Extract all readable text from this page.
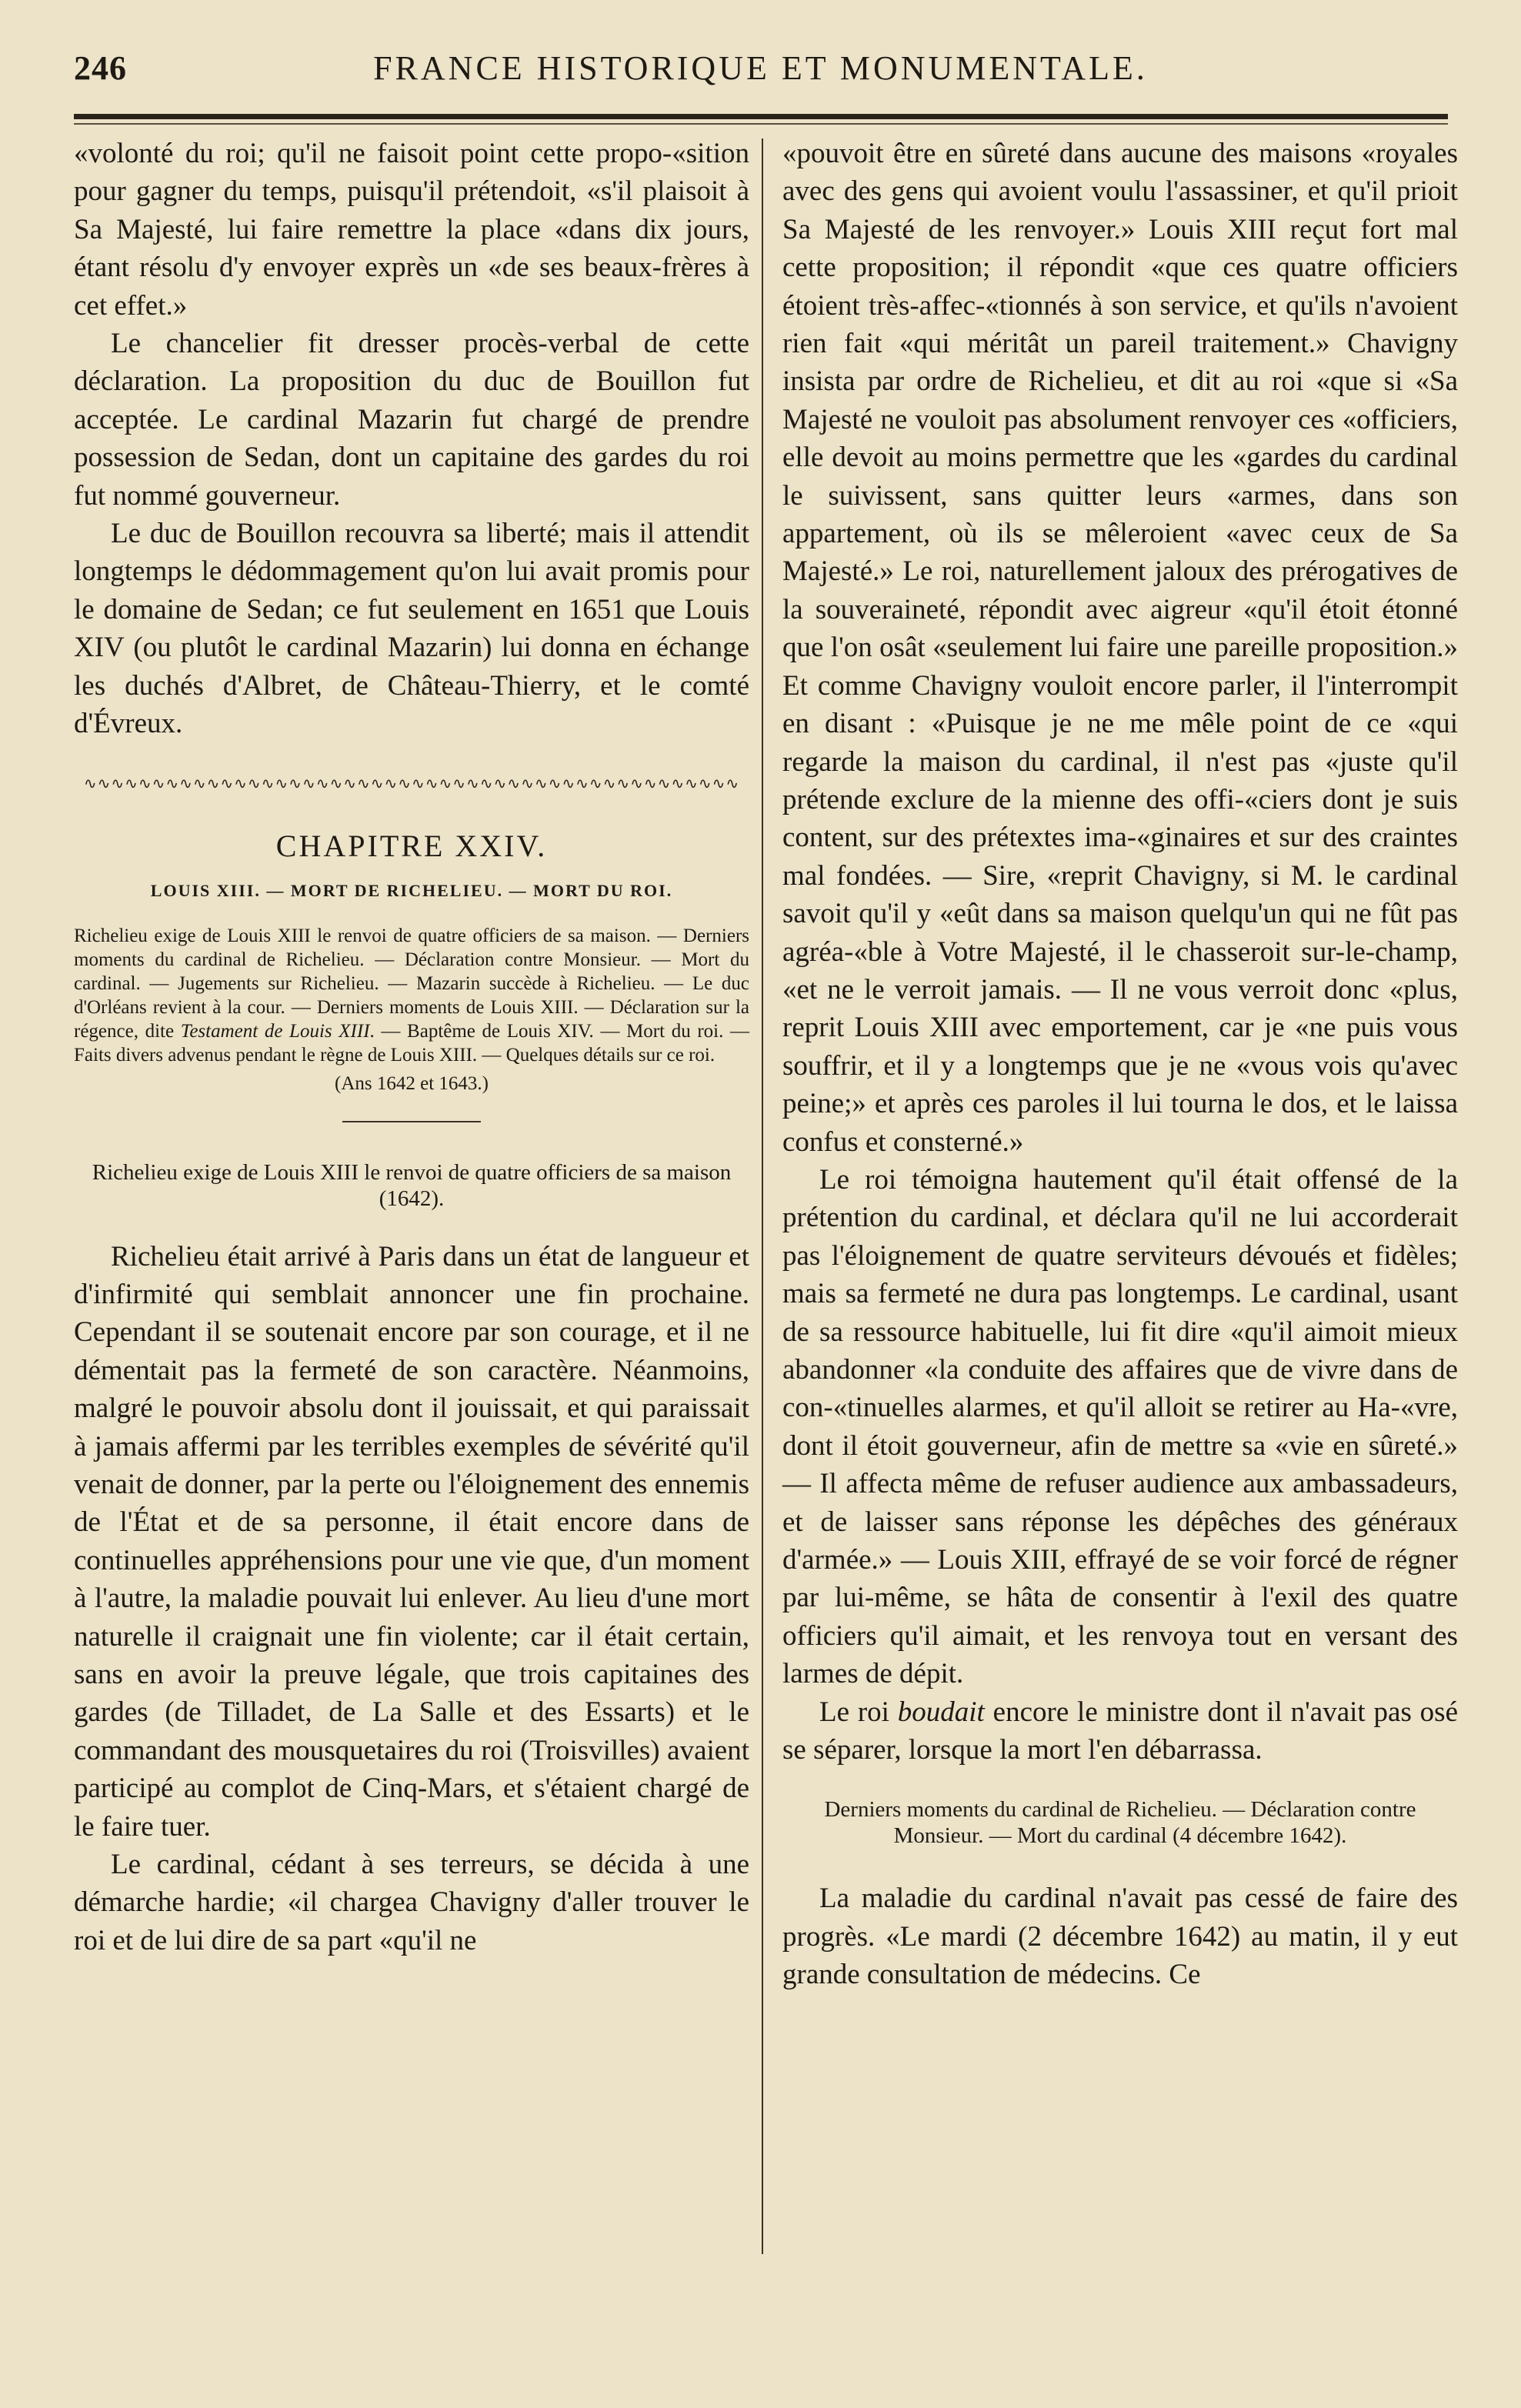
246	FRANCE HISTORIQUE ET MONUMENTALE.

«volonté du roi; qu'il ne faisoit point cette propo-«sition pour gagner du temps, puisqu'il prétendoit, «s'il plaisoit à Sa Majesté, lui faire remettre la place «dans dix jours, étant résolu d'y envoyer exprès un «de ses beaux-frères à cet effet.»

Le chancelier fit dresser procès-verbal de cette déclaration. La proposition du duc de Bouillon fut acceptée. Le cardinal Mazarin fut chargé de prendre possession de Sedan, dont un capitaine des gardes du roi fut nommé gouverneur.

Le duc de Bouillon recouvra sa liberté; mais il attendit longtemps le dédommagement qu'on lui avait promis pour le domaine de Sedan; ce fut seulement en 1651 que Louis XIV (ou plutôt le cardinal Mazarin) lui donna en échange les duchés d'Albret, de Château-Thierry, et le comté d'Évreux.

∿∿∿∿∿∿∿∿∿∿∿∿∿∿∿∿∿∿∿∿∿∿∿∿∿∿∿∿∿∿∿∿∿∿∿∿∿∿∿∿∿∿∿∿∿∿∿∿
CHAPITRE XXIV.
LOUIS XIII. — MORT DE RICHELIEU. — MORT DU ROI.

Richelieu exige de Louis XIII le renvoi de quatre officiers de sa maison. — Derniers moments du cardinal de Richelieu. — Déclaration contre Monsieur. — Mort du cardinal. — Jugements sur Richelieu. — Mazarin succède à Richelieu. — Le duc d'Orléans revient à la cour. — Derniers moments de Louis XIII. — Déclaration sur la régence, dite Testament de Louis XIII. — Baptême de Louis XIV. — Mort du roi. — Faits divers advenus pendant le règne de Louis XIII. — Quelques détails sur ce roi.

(Ans 1642 et 1643.)
Richelieu exige de Louis XIII le renvoi de quatre officiers de sa maison (1642).

Richelieu était arrivé à Paris dans un état de langueur et d'infirmité qui semblait annoncer une fin prochaine. Cependant il se soutenait encore par son courage, et il ne démentait pas la fermeté de son caractère. Néanmoins, malgré le pouvoir absolu dont il jouissait, et qui paraissait à jamais affermi par les terribles exemples de sévérité qu'il venait de donner, par la perte ou l'éloignement des ennemis de l'État et de sa personne, il était encore dans de continuelles appréhensions pour une vie que, d'un moment à l'autre, la maladie pouvait lui enlever. Au lieu d'une mort naturelle il craignait une fin violente; car il était certain, sans en avoir la preuve légale, que trois capitaines des gardes (de Tilladet, de La Salle et des Essarts) et le commandant des mousquetaires du roi (Troisvilles) avaient participé au complot de Cinq-Mars, et s'étaient chargé de le faire tuer.

Le cardinal, cédant à ses terreurs, se décida à une démarche hardie; «il chargea Chavigny d'aller trouver le roi et de lui dire de sa part «qu'il ne

«pouvoit être en sûreté dans aucune des maisons «royales avec des gens qui avoient voulu l'assassiner, et qu'il prioit Sa Majesté de les renvoyer.» Louis XIII reçut fort mal cette proposition; il répondit «que ces quatre officiers étoient très-affec-«tionnés à son service, et qu'ils n'avoient rien fait «qui méritât un pareil traitement.» Chavigny insista par ordre de Richelieu, et dit au roi «que si «Sa Majesté ne vouloit pas absolument renvoyer ces «officiers, elle devoit au moins permettre que les «gardes du cardinal le suivissent, sans quitter leurs «armes, dans son appartement, où ils se mêleroient «avec ceux de Sa Majesté.» Le roi, naturellement jaloux des prérogatives de la souveraineté, répondit avec aigreur «qu'il étoit étonné que l'on osât «seulement lui faire une pareille proposition.» Et comme Chavigny vouloit encore parler, il l'interrompit en disant : «Puisque je ne me mêle point de ce «qui regarde la maison du cardinal, il n'est pas «juste qu'il prétende exclure de la mienne des offi-«ciers dont je suis content, sur des prétextes ima-«ginaires et sur des craintes mal fondées. — Sire, «reprit Chavigny, si M. le cardinal savoit qu'il y «eût dans sa maison quelqu'un qui ne fût pas agréa-«ble à Votre Majesté, il le chasseroit sur-le-champ, «et ne le verroit jamais. — Il ne vous verroit donc «plus, reprit Louis XIII avec emportement, car je «ne puis vous souffrir, et il y a longtemps que je ne «vous vois qu'avec peine;» et après ces paroles il lui tourna le dos, et le laissa confus et consterné.»

Le roi témoigna hautement qu'il était offensé de la prétention du cardinal, et déclara qu'il ne lui accorderait pas l'éloignement de quatre serviteurs dévoués et fidèles; mais sa fermeté ne dura pas longtemps. Le cardinal, usant de sa ressource habituelle, lui fit dire «qu'il aimoit mieux abandonner «la conduite des affaires que de vivre dans de con-«tinuelles alarmes, et qu'il alloit se retirer au Ha-«vre, dont il étoit gouverneur, afin de mettre sa «vie en sûreté.» — Il affecta même de refuser audience aux ambassadeurs, et de laisser sans réponse les dépêches des généraux d'armée.» — Louis XIII, effrayé de se voir forcé de régner par lui-même, se hâta de consentir à l'exil des quatre officiers qu'il aimait, et les renvoya tout en versant des larmes de dépit.

Le roi boudait encore le ministre dont il n'avait pas osé se séparer, lorsque la mort l'en débarrassa.

Derniers moments du cardinal de Richelieu. — Déclaration contre Monsieur. — Mort du cardinal (4 décembre 1642).

La maladie du cardinal n'avait pas cessé de faire des progrès. «Le mardi (2 décembre 1642) au matin, il y eut grande consultation de médecins. Ce
